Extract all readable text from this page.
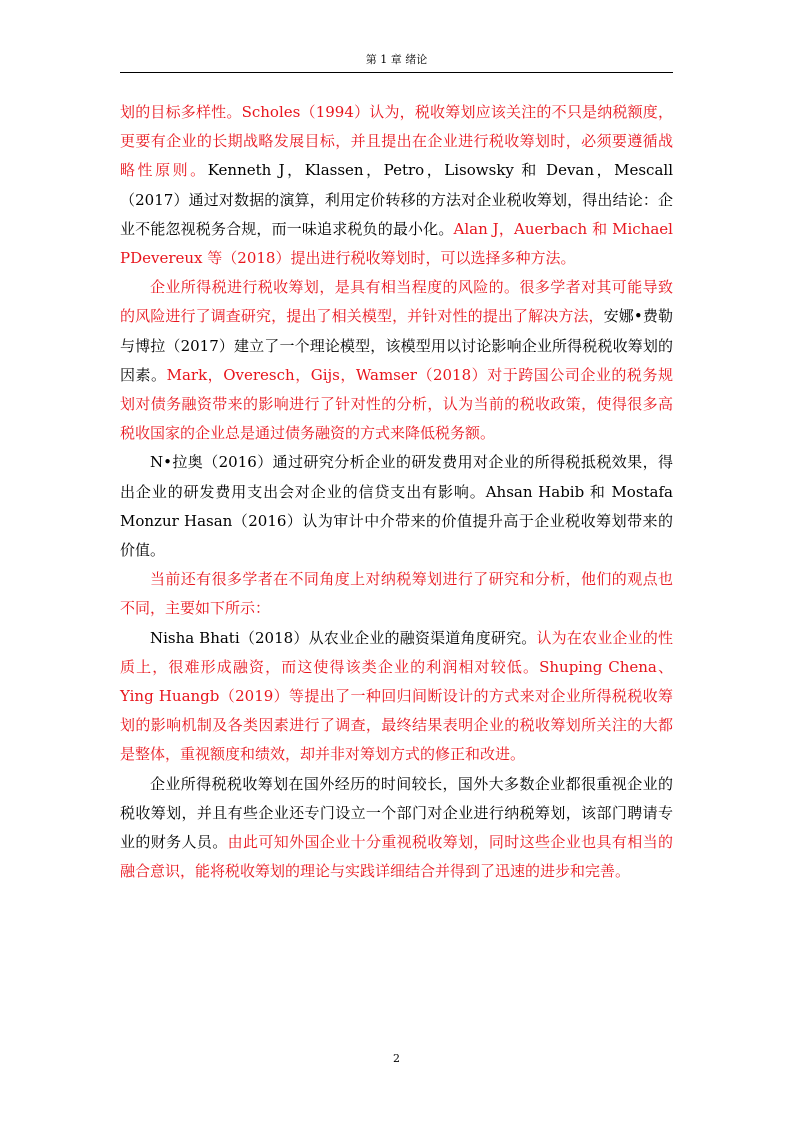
第 1 章 绪论

划的目标多样性。Scholes（1994）认为，税收筹划应该关注的不只是纳税额度，更要有企业的长期战略发展目标，并且提出在企业进行税收筹划时，必须要遵循战略性原则。Kenneth J，Klassen，Petro，Lisowsky 和 Devan，Mescall（2017）通过对数据的演算，利用定价转移的方法对企业税收筹划，得出结论：企业不能忽视税务合规，而一味追求税负的最小化。Alan J，Auerbach 和 Michael PDevereux 等（2018）提出进行税收筹划时，可以选择多种方法。

企业所得税进行税收筹划，是具有相当程度的风险的。很多学者对其可能导致的风险进行了调查研究，提出了相关模型，并针对性的提出了解决方法，安娜•费勒与博拉（2017）建立了一个理论模型，该模型用以讨论影响企业所得税税收筹划的因素。Mark，Overesch，Gijs，Wamser（2018）对于跨国公司企业的税务规划对债务融资带来的影响进行了针对性的分析，认为当前的税收政策，使得很多高税收国家的企业总是通过债务融资的方式来降低税务额。

N•拉奥（2016）通过研究分析企业的研发费用对企业的所得税抵税效果，得出企业的研发费用支出会对企业的信贷支出有影响。Ahsan Habib 和 Mostafa Monzur Hasan（2016）认为审计中介带来的价值提升高于企业税收筹划带来的价值。

当前还有很多学者在不同角度上对纳税筹划进行了研究和分析，他们的观点也不同，主要如下所示：

Nisha Bhati（2018）从农业企业的融资渠道角度研究。认为在农业企业的性质上，很难形成融资，而这使得该类企业的利润相对较低。Shuping Chena、Ying Huangb（2019）等提出了一种回归间断设计的方式来对企业所得税税收筹划的影响机制及各类因素进行了调查，最终结果表明企业的税收筹划所关注的大都是整体，重视额度和绩效，却并非对筹划方式的修正和改进。

企业所得税税收筹划在国外经历的时间较长，国外大多数企业都很重视企业的税收筹划，并且有些企业还专门设立一个部门对企业进行纳税筹划，该部门聘请专业的财务人员。由此可知外国企业十分重视税收筹划，同时这些企业也具有相当的融合意识，能将税收筹划的理论与实践详细结合并得到了迅速的进步和完善。

2
